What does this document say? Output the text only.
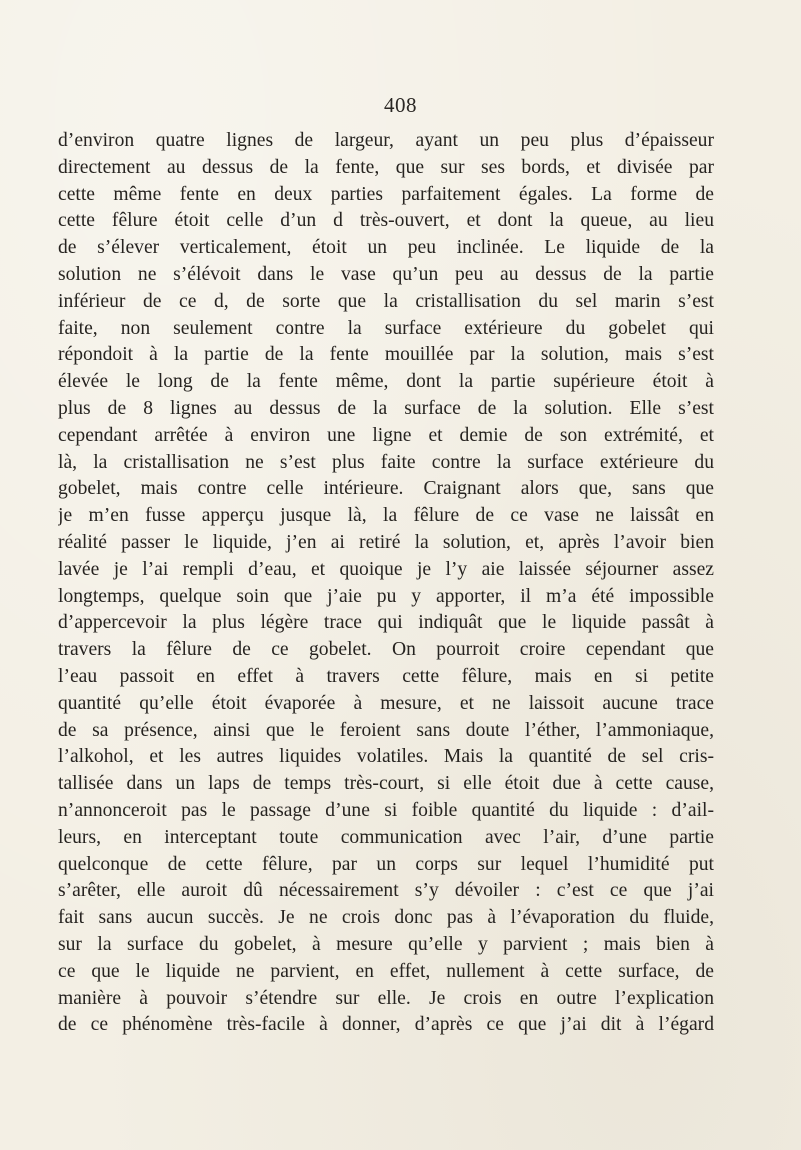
408
d’environ quatre lignes de largeur, ayant un peu plus d’épaisseur
directement au dessus de la fente, que sur ses bords, et divisée par
cette même fente en deux parties parfaitement égales. La forme de
cette fêlure étoit celle d’un d très-ouvert, et dont la queue, au lieu
de s’élever verticalement, étoit un peu inclinée. Le liquide de la
solution ne s’élévoit dans le vase qu’un peu au dessus de la partie
inférieur de ce d, de sorte que la cristallisation du sel marin s’est
faite, non seulement contre la surface extérieure du gobelet qui
répondoit à la partie de la fente mouillée par la solution, mais s’est
élevée le long de la fente même, dont la partie supérieure étoit à
plus de 8 lignes au dessus de la surface de la solution. Elle s’est
cependant arrêtée à environ une ligne et demie de son extrémité, et
là, la cristallisation ne s’est plus faite contre la surface extérieure du
gobelet, mais contre celle intérieure. Craignant alors que, sans que
je m’en fusse apperçu jusque là, la fêlure de ce vase ne laissât en
réalité passer le liquide, j’en ai retiré la solution, et, après l’avoir bien
lavée je l’ai rempli d’eau, et quoique je l’y aie laissée séjourner assez
longtemps, quelque soin que j’aie pu y apporter, il m’a été impossible
d’appercevoir la plus légère trace qui indiquât que le liquide passât à
travers la fêlure de ce gobelet. On pourroit croire cependant que
l’eau passoit en effet à travers cette fêlure, mais en si petite
quantité qu’elle étoit évaporée à mesure, et ne laissoit aucune trace
de sa présence, ainsi que le feroient sans doute l’éther, l’ammoniaque,
l’alkohol, et les autres liquides volatiles. Mais la quantité de sel cris-
tallisée dans un laps de temps très-court, si elle étoit due à cette cause,
n’annonceroit pas le passage d’une si foible quantité du liquide : d’ail-
leurs, en interceptant toute communication avec l’air, d’une partie
quelconque de cette fêlure, par un corps sur lequel l’humidité put
s’arêter, elle auroit dû nécessairement s’y dévoiler : c’est ce que j’ai
fait sans aucun succès. Je ne crois donc pas à l’évaporation du fluide,
sur la surface du gobelet, à mesure qu’elle y parvient ; mais bien à
ce que le liquide ne parvient, en effet, nullement à cette surface, de
manière à pouvoir s’étendre sur elle. Je crois en outre l’explication
de ce phénomène très-facile à donner, d’après ce que j’ai dit à l’égard
